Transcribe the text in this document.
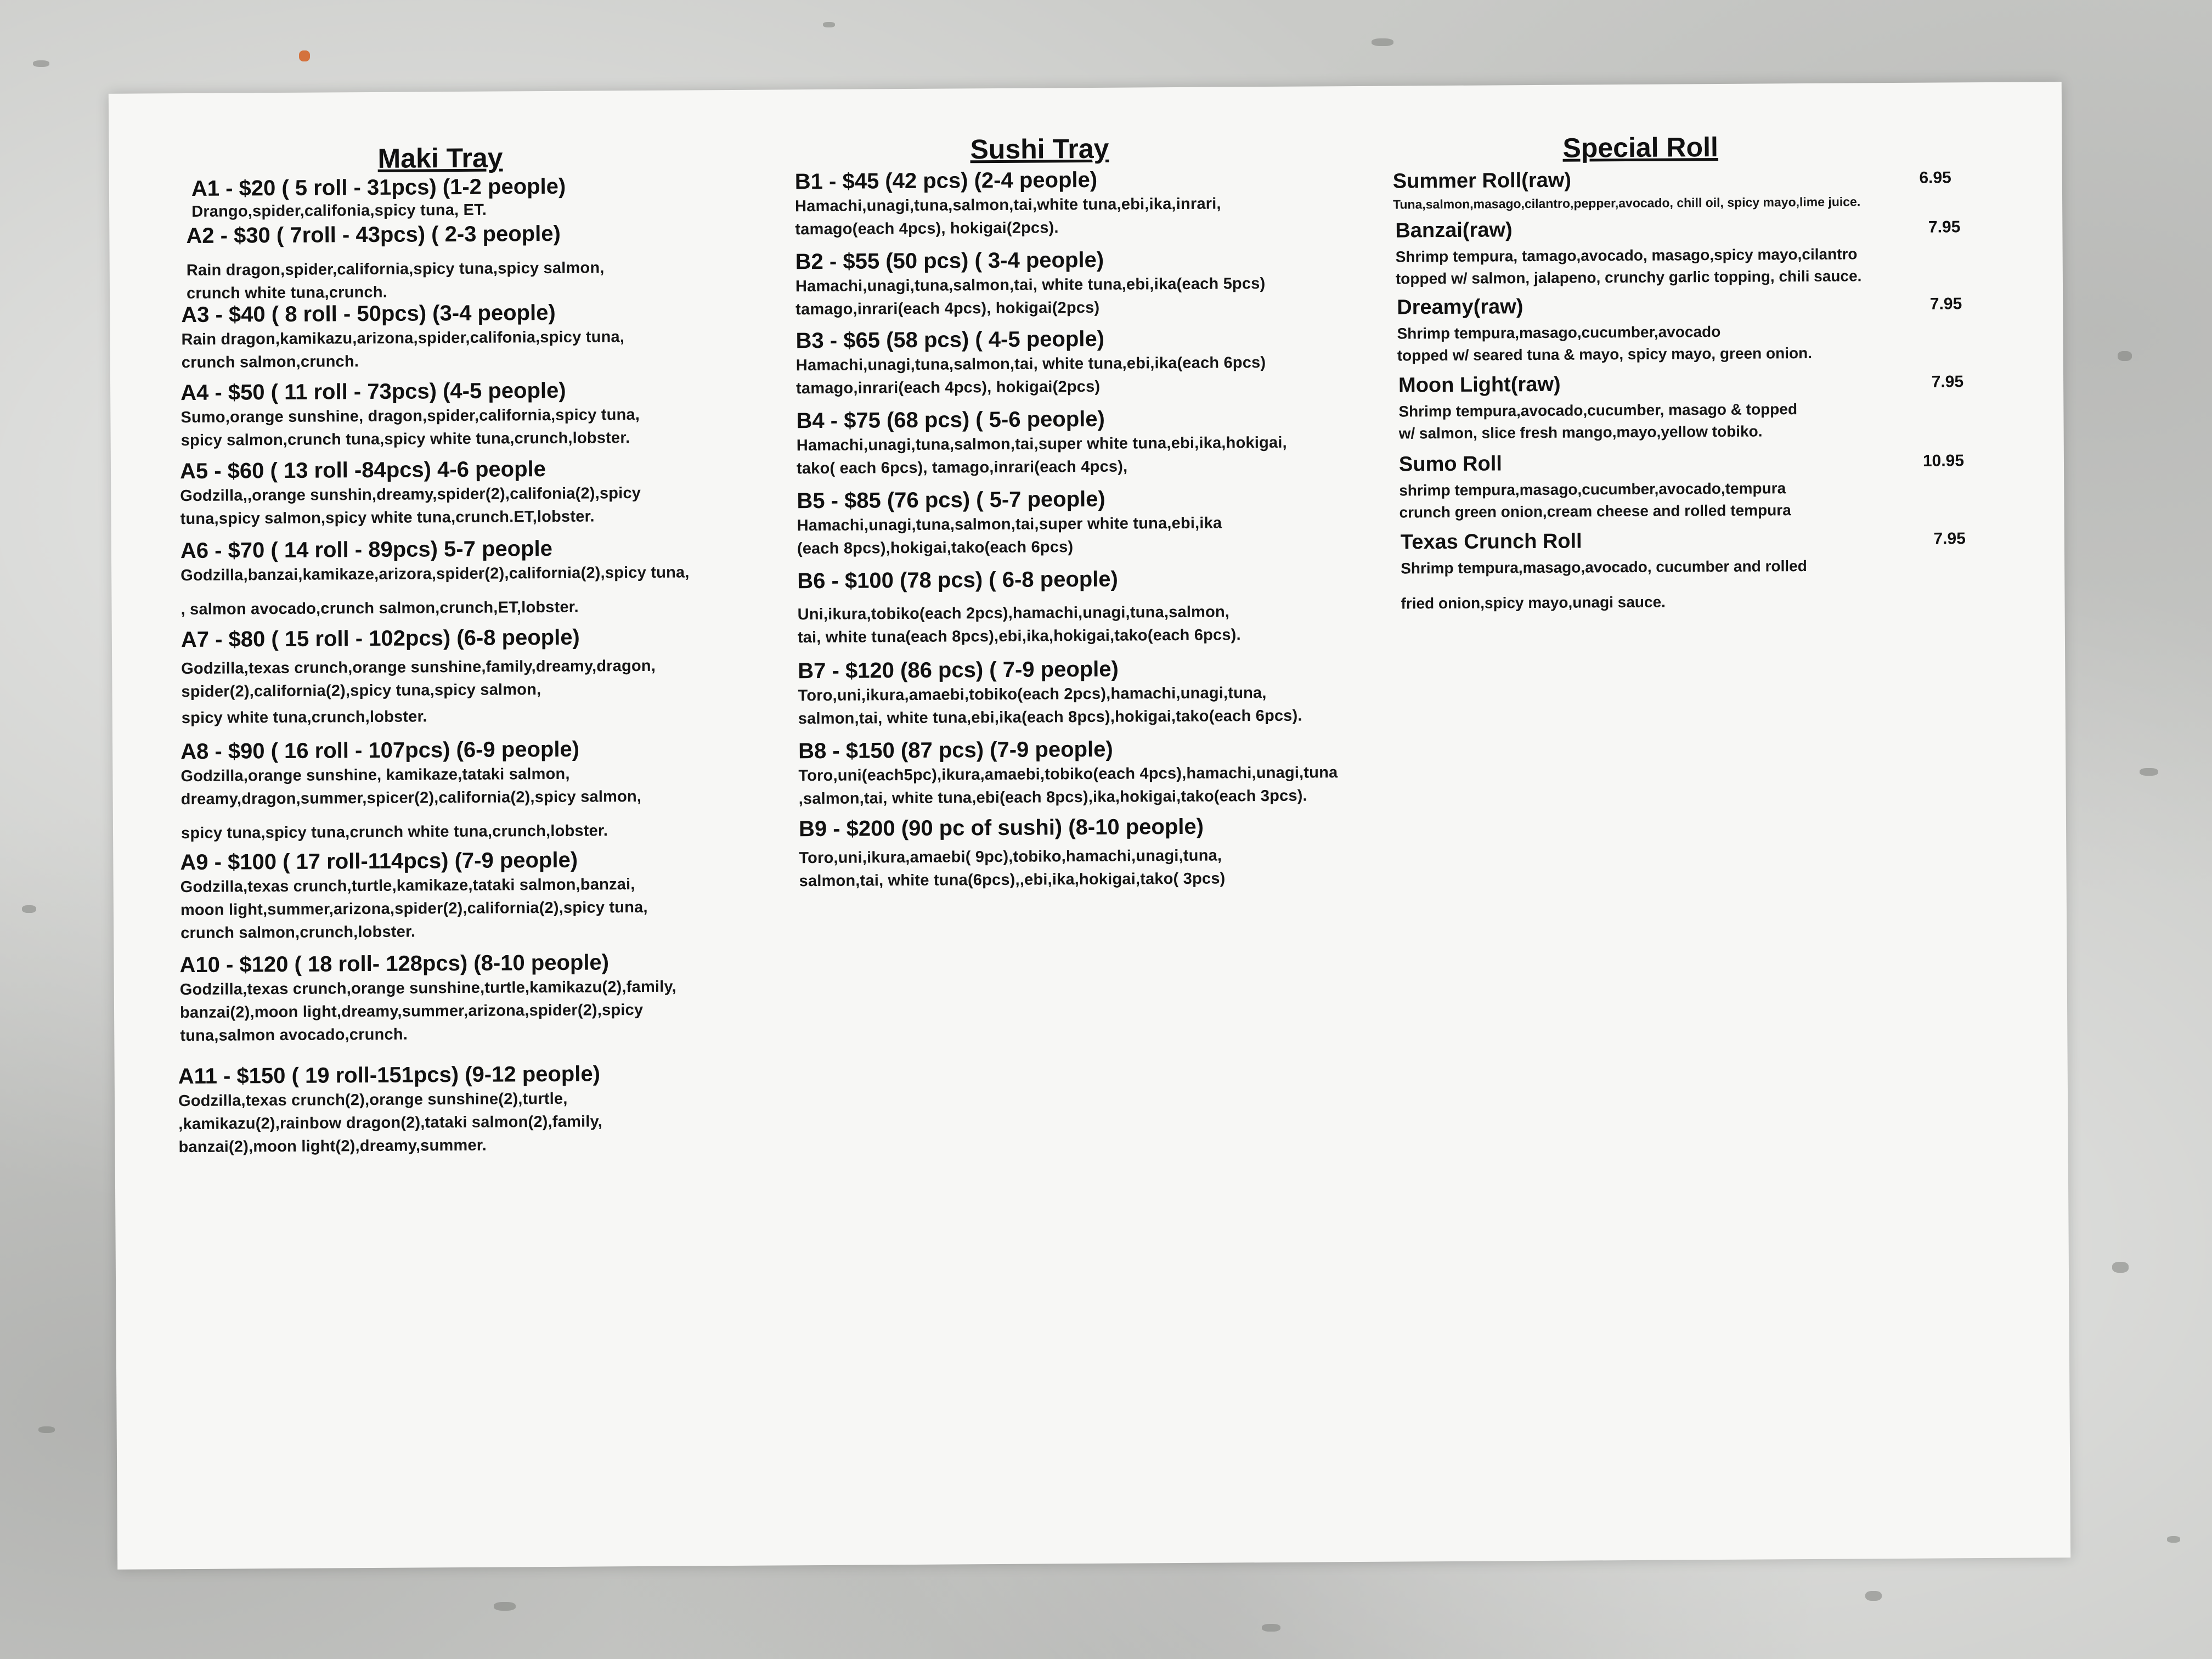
Maki Tray
A1 - $20 ( 5 roll - 31pcs) (1-2 people)
Drango,spider,califonia,spicy tuna, ET.
A2 - $30 ( 7roll - 43pcs) ( 2-3 people)
Rain dragon,spider,california,spicy tuna,spicy salmon,
crunch white tuna,crunch.
A3 - $40 ( 8 roll - 50pcs) (3-4 people)
Rain dragon,kamikazu,arizona,spider,califonia,spicy tuna,
crunch salmon,crunch.
A4 - $50 ( 11 roll - 73pcs) (4-5 people)
Sumo,orange sunshine, dragon,spider,california,spicy tuna,
spicy salmon,crunch tuna,spicy white tuna,crunch,lobster.
A5 - $60 ( 13 roll -84pcs) 4-6 people
Godzilla,,orange sunshin,dreamy,spider(2),califonia(2),spicy
tuna,spicy salmon,spicy white tuna,crunch.ET,lobster.
A6 - $70 ( 14 roll - 89pcs) 5-7 people
Godzilla,banzai,kamikaze,arizora,spider(2),california(2),spicy tuna,
, salmon avocado,crunch salmon,crunch,ET,lobster.
A7 - $80 ( 15 roll - 102pcs) (6-8 people)
Godzilla,texas crunch,orange sunshine,family,dreamy,dragon,
spider(2),california(2),spicy tuna,spicy salmon,
spicy white tuna,crunch,lobster.
A8 - $90 ( 16 roll - 107pcs) (6-9 people)
Godzilla,orange sunshine, kamikaze,tataki salmon,
dreamy,dragon,summer,spicer(2),california(2),spicy salmon,
spicy tuna,spicy tuna,crunch white tuna,crunch,lobster.
A9 - $100 ( 17 roll-114pcs) (7-9 people)
Godzilla,texas crunch,turtle,kamikaze,tataki salmon,banzai,
moon light,summer,arizona,spider(2),california(2),spicy tuna,
crunch salmon,crunch,lobster.
A10 - $120 ( 18 roll- 128pcs) (8-10 people)
Godzilla,texas crunch,orange sunshine,turtle,kamikazu(2),family,
banzai(2),moon light,dreamy,summer,arizona,spider(2),spicy
tuna,salmon avocado,crunch.
A11 - $150 ( 19 roll-151pcs) (9-12 people)
Godzilla,texas crunch(2),orange sunshine(2),turtle,
,kamikazu(2),rainbow dragon(2),tataki salmon(2),family,
banzai(2),moon light(2),dreamy,summer.
Sushi Tray
B1 - $45 (42 pcs) (2-4 people)
Hamachi,unagi,tuna,salmon,tai,white tuna,ebi,ika,inrari,
tamago(each 4pcs), hokigai(2pcs).
B2 - $55 (50 pcs) ( 3-4 people)
Hamachi,unagi,tuna,salmon,tai, white tuna,ebi,ika(each 5pcs)
tamago,inrari(each 4pcs), hokigai(2pcs)
B3 - $65 (58 pcs) ( 4-5 people)
Hamachi,unagi,tuna,salmon,tai, white tuna,ebi,ika(each 6pcs)
tamago,inrari(each 4pcs), hokigai(2pcs)
B4 - $75 (68 pcs) ( 5-6 people)
Hamachi,unagi,tuna,salmon,tai,super white tuna,ebi,ika,hokigai,
tako( each 6pcs), tamago,inrari(each 4pcs),
B5 - $85 (76 pcs) ( 5-7 people)
Hamachi,unagi,tuna,salmon,tai,super white tuna,ebi,ika
(each 8pcs),hokigai,tako(each 6pcs)
B6 - $100 (78 pcs) ( 6-8 people)
Uni,ikura,tobiko(each 2pcs),hamachi,unagi,tuna,salmon,
tai, white tuna(each 8pcs),ebi,ika,hokigai,tako(each 6pcs).
B7 - $120 (86 pcs) ( 7-9 people)
Toro,uni,ikura,amaebi,tobiko(each 2pcs),hamachi,unagi,tuna,
salmon,tai, white tuna,ebi,ika(each 8pcs),hokigai,tako(each 6pcs).
B8 - $150 (87 pcs) (7-9 people)
Toro,uni(each5pc),ikura,amaebi,tobiko(each 4pcs),hamachi,unagi,tuna
,salmon,tai, white tuna,ebi(each 8pcs),ika,hokigai,tako(each 3pcs).
B9 - $200 (90 pc of sushi) (8-10 people)
Toro,uni,ikura,amaebi( 9pc),tobiko,hamachi,unagi,tuna,
salmon,tai, white tuna(6pcs),,ebi,ika,hokigai,tako( 3pcs)
Special Roll
Summer Roll(raw)	6.95
Tuna,salmon,masago,cilantro,pepper,avocado, chill oil, spicy mayo,lime juice.
Banzai(raw)	7.95
Shrimp tempura, tamago,avocado, masago,spicy mayo,cilantro
topped w/ salmon, jalapeno, crunchy garlic topping, chili sauce.
Dreamy(raw)	7.95
Shrimp tempura,masago,cucumber,avocado
topped w/ seared tuna & mayo, spicy mayo, green onion.
Moon Light(raw)	7.95
Shrimp tempura,avocado,cucumber, masago & topped
w/ salmon, slice fresh mango,mayo,yellow tobiko.
Sumo Roll	10.95
shrimp tempura,masago,cucumber,avocado,tempura
crunch green onion,cream cheese and rolled tempura
Texas Crunch Roll	7.95
Shrimp tempura,masago,avocado, cucumber and rolled
fried onion,spicy mayo,unagi sauce.
